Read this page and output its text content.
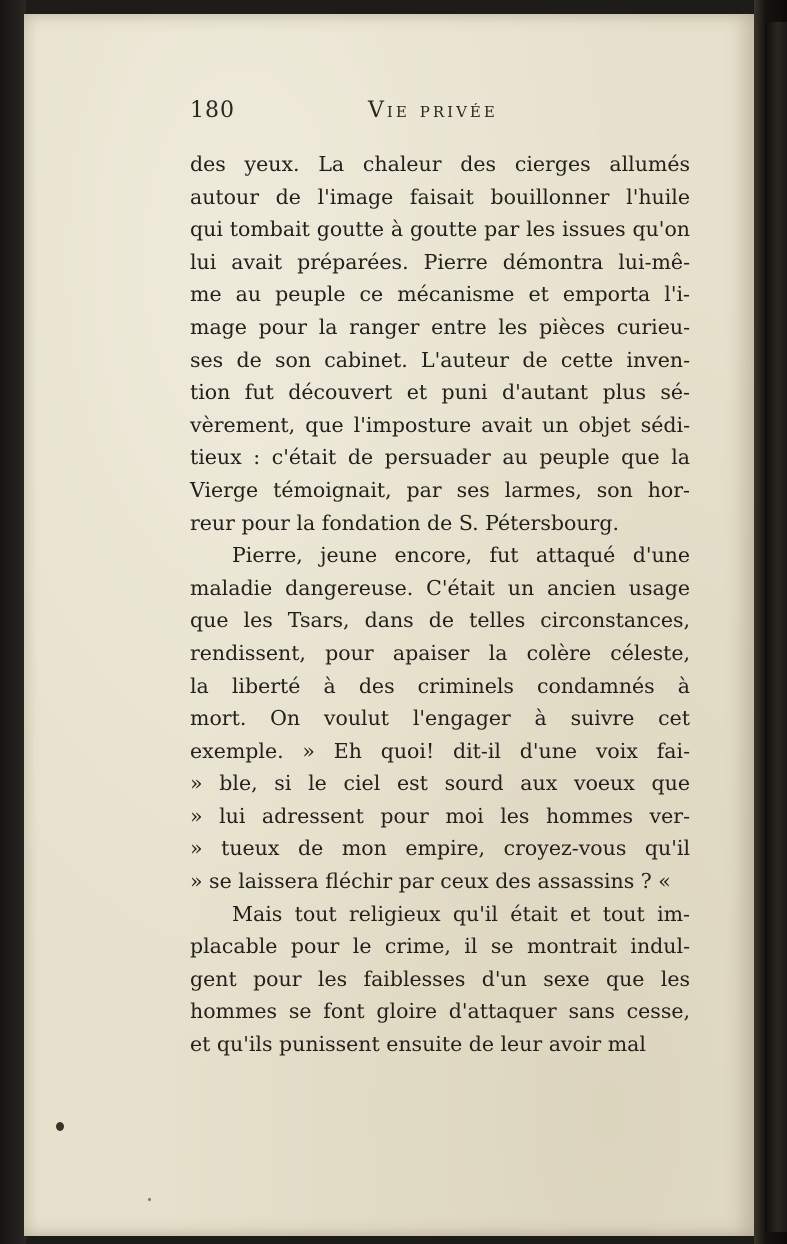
180	Vie privée
des yeux. La chaleur des cierges allumés
autour de l'image faisait bouillonner l'huile
qui tombait goutte à goutte par les issues qu'on
lui avait préparées. Pierre démontra lui-mê-
me au peuple ce mécanisme et emporta l'i-
mage pour la ranger entre les pièces curieu-
ses de son cabinet. L'auteur de cette inven-
tion fut découvert et puni d'autant plus sé-
vèrement, que l'imposture avait un objet sédi-
tieux : c'était de persuader au peuple que la
Vierge témoignait, par ses larmes, son hor-
reur pour la fondation de S. Pétersbourg.
Pierre, jeune encore, fut attaqué d'une
maladie dangereuse. C'était un ancien usage
que les Tsars, dans de telles circonstances,
rendissent, pour apaiser la colère céleste,
la liberté à des criminels condamnés à
mort. On voulut l'engager à suivre cet
exemple. » Eh quoi! dit-il d'une voix fai-
» ble, si le ciel est sourd aux voeux que
» lui adressent pour moi les hommes ver-
» tueux de mon empire, croyez-vous qu'il
» se laissera fléchir par ceux des assassins ? «
Mais tout religieux qu'il était et tout im-
placable pour le crime, il se montrait indul-
gent pour les faiblesses d'un sexe que les
hommes se font gloire d'attaquer sans cesse,
et qu'ils punissent ensuite de leur avoir mal
